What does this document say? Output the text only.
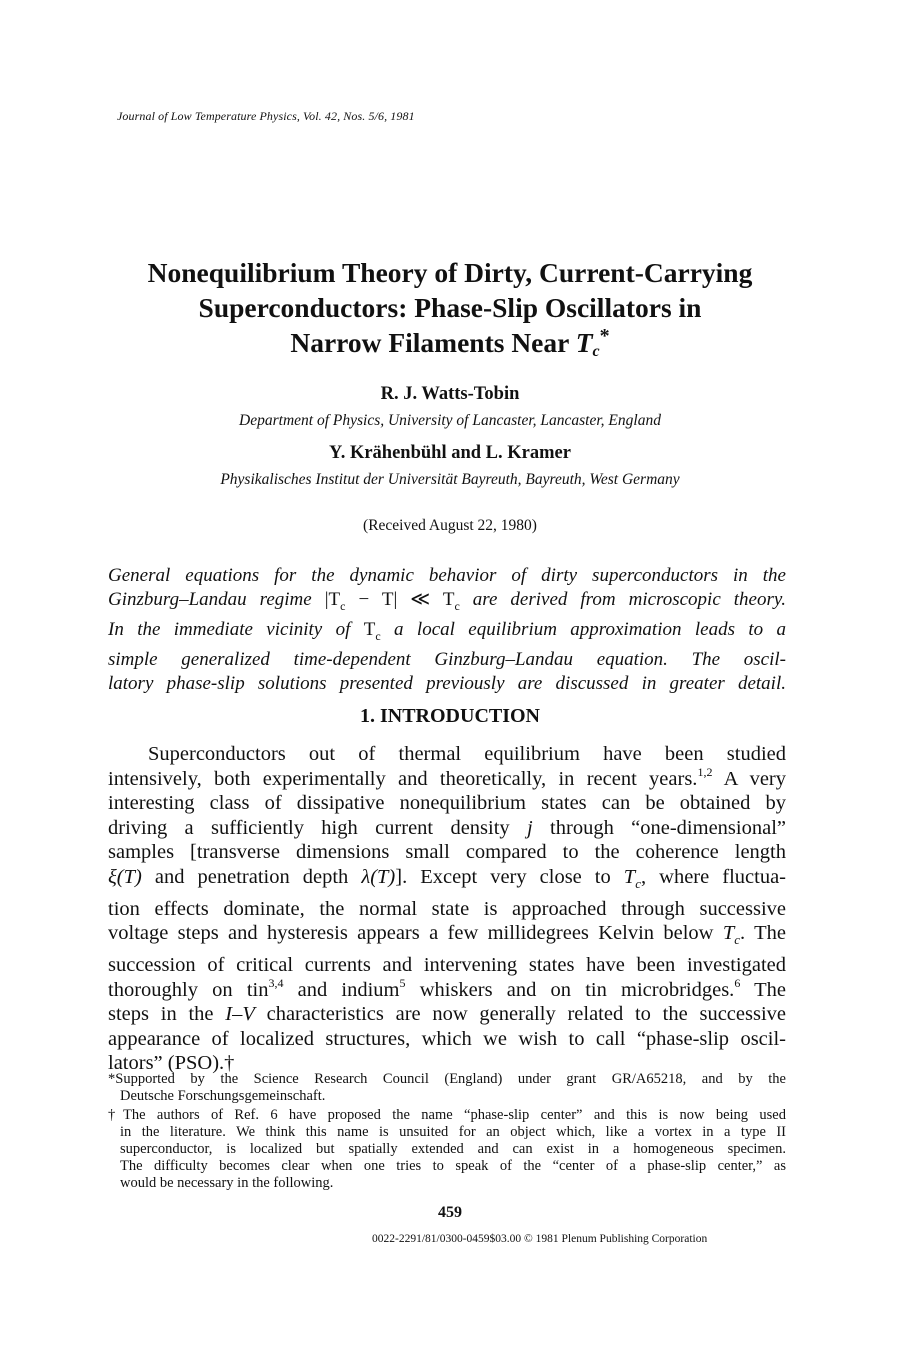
Journal of Low Temperature Physics, Vol. 42, Nos. 5/6, 1981
Nonequilibrium Theory of Dirty, Current-Carrying
Superconductors: Phase-Slip Oscillators in
Narrow Filaments Near $T_c^*$
R. J. Watts-Tobin
Department of Physics, University of Lancaster, Lancaster, England
Y. Krähenbühl and L. Kramer
Physikalisches Institut der Universität Bayreuth, Bayreuth, West Germany
(Received August 22, 1980)
General equations for the dynamic behavior of dirty superconductors in the
Ginzburg–Landau regime $|T_c - T|$ ≪ $T_c$ are derived from microscopic theory.
In the immediate vicinity of $T_c$ a local equilibrium approximation leads to a
simple generalized time-dependent Ginzburg–Landau equation. The oscil-
latory phase-slip solutions presented previously are discussed in greater detail.
1. INTRODUCTION
Superconductors out of thermal equilibrium have been studied
intensively, both experimentally and theoretically, in recent years.$^{1,2}$ A very
interesting class of dissipative nonequilibrium states can be obtained by
driving a sufficiently high current density j through “one-dimensional”
samples [transverse dimensions small compared to the coherence length
ξ(T) and penetration depth λ(T)]. Except very close to $T_c$, where fluctua-
tion effects dominate, the normal state is approached through successive
voltage steps and hysteresis appears a few millidegrees Kelvin below $T_c$. The
succession of critical currents and intervening states have been investigated
thoroughly on tin$^{3,4}$ and indium$^5$ whiskers and on tin microbridges.$^6$ The
steps in the I–V characteristics are now generally related to the successive
appearance of localized structures, which we wish to call “phase-slip oscil-
lators” (PSO).†
*Supported by the Science Research Council (England) under grant GR/A65218, and by the
Deutsche Forschungsgemeinschaft.
†The authors of Ref. 6 have proposed the name “phase-slip center” and this is now being used
in the literature. We think this name is unsuited for an object which, like a vortex in a type II
superconductor, is localized but spatially extended and can exist in a homogeneous specimen.
The difficulty becomes clear when one tries to speak of the “center of a phase-slip center,” as
would be necessary in the following.
459
0022-2291/81/0300-0459$03.00 © 1981 Plenum Publishing Corporation
